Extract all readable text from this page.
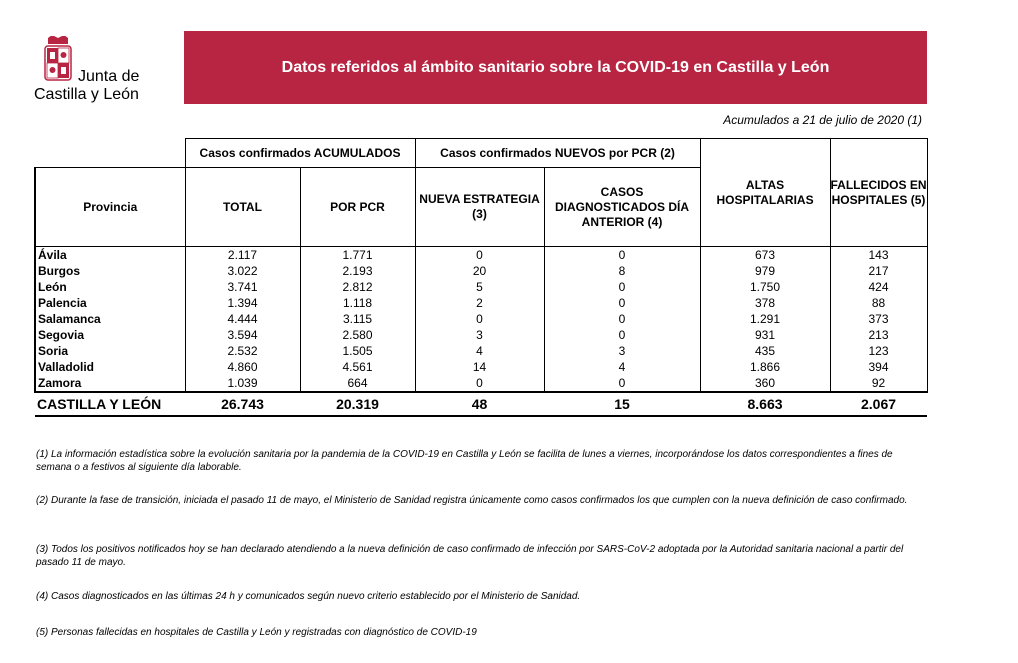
Junta de
Castilla y León
Datos referidos al ámbito sanitario sobre la COVID-19 en Castilla y León
Acumulados a 21 de julio de 2020 (1)
	Casos confirmados ACUMULADOS		Casos confirmados NUEVOS por PCR (2)		ALTAS HOSPITALARIAS	FALLECIDOS EN HOSPITALES (5)
Provincia	TOTAL	POR PCR	NUEVA ESTRATEGIA (3)	CASOS DIAGNOSTICADOS DÍA ANTERIOR (4)		
Ávila	2.117	1.771	0	0	673	143
Burgos	3.022	2.193	20	8	979	217
León	3.741	2.812	5	0	1.750	424
Palencia	1.394	1.118	2	0	378	88
Salamanca	4.444	3.115	0	0	1.291	373
Segovia	3.594	2.580	3	0	931	213
Soria	2.532	1.505	4	3	435	123
Valladolid	4.860	4.561	14	4	1.866	394
Zamora	1.039	664	0	0	360	92
CASTILLA Y LEÓN	26.743	20.319	48	15	8.663	2.067
(1) La información estadística sobre la evolución sanitaria por la pandemia de la COVID-19 en Castilla y León se facilita de lunes a viernes, incorporándose los datos correspondientes a fines de semana o a festivos al siguiente día laborable.
(2) Durante la fase de transición, iniciada el pasado 11 de mayo, el Ministerio de Sanidad registra únicamente como casos confirmados los que cumplen con la nueva definición de caso confirmado.
(3) Todos los positivos notificados hoy se han declarado atendiendo a la nueva definición de caso confirmado de infección por SARS-CoV-2 adoptada por la Autoridad sanitaria nacional a partir del pasado 11 de mayo.
(4) Casos diagnosticados en las últimas 24 h y comunicados según nuevo criterio establecido por el Ministerio de Sanidad.
(5) Personas fallecidas en hospitales de Castilla y León y registradas con diagnóstico de COVID-19
